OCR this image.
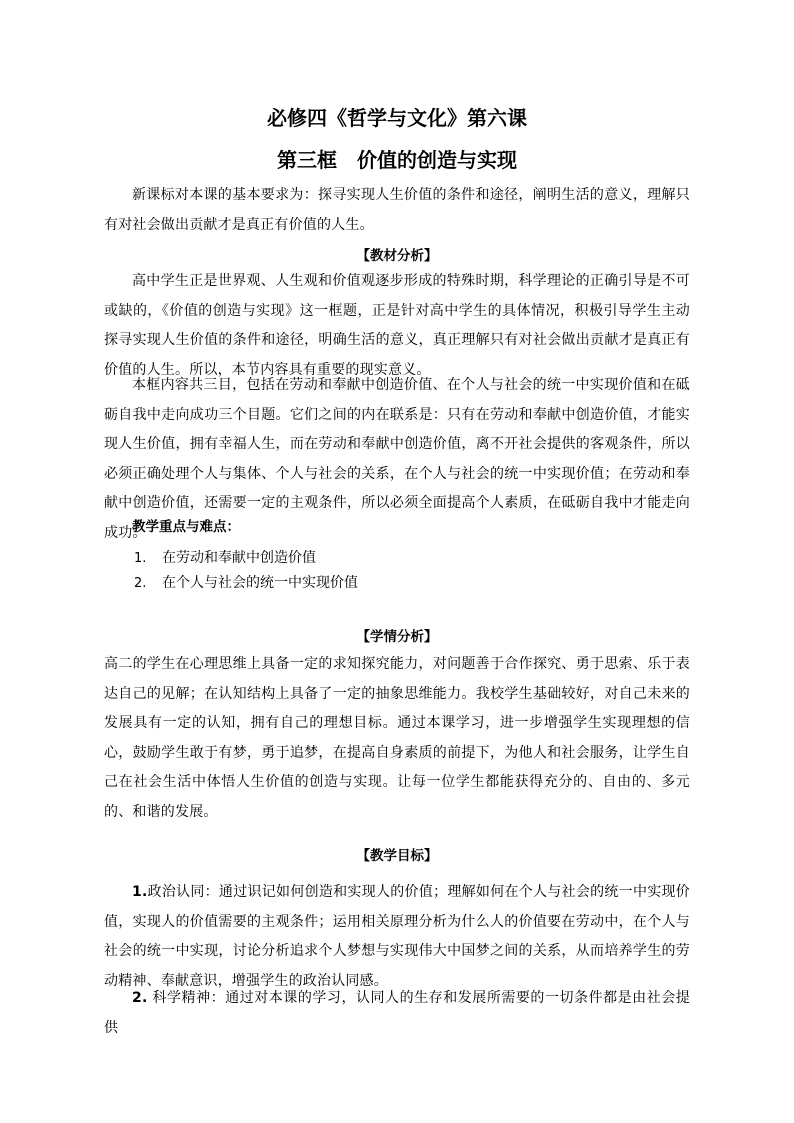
必修四《哲学与文化》第六课
第三框　价值的创造与实现

新课标对本课的基本要求为：探寻实现人生价值的条件和途径，阐明生活的意义，理解只有对社会做出贡献才是真正有价值的人生。

【教材分析】

高中学生正是世界观、人生观和价值观逐步形成的特殊时期，科学理论的正确引导是不可或缺的，《价值的创造与实现》这一框题，正是针对高中学生的具体情况，积极引导学生主动探寻实现人生价值的条件和途径，明确生活的意义，真正理解只有对社会做出贡献才是真正有价值的人生。所以，本节内容具有重要的现实意义。

本框内容共三目，包括在劳动和奉献中创造价值、在个人与社会的统一中实现价值和在砥砺自我中走向成功三个目题。它们之间的内在联系是：只有在劳动和奉献中创造价值，才能实现人生价值，拥有幸福人生，而在劳动和奉献中创造价值，离不开社会提供的客观条件，所以必须正确处理个人与集体、个人与社会的关系，在个人与社会的统一中实现价值；在劳动和奉献中创造价值，还需要一定的主观条件，所以必须全面提高个人素质，在砥砺自我中才能走向成功。

教学重点与难点：
1. 在劳动和奉献中创造价值
2. 在个人与社会的统一中实现价值
【学情分析】

高二的学生在心理思维上具备一定的求知探究能力，对问题善于合作探究、勇于思索、乐于表达自己的见解；在认知结构上具备了一定的抽象思维能力。我校学生基础较好，对自己未来的发展具有一定的认知，拥有自己的理想目标。通过本课学习，进一步增强学生实现理想的信心，鼓励学生敢于有梦，勇于追梦，在提高自身素质的前提下，为他人和社会服务，让学生自己在社会生活中体悟人生价值的创造与实现。让每一位学生都能获得充分的、自由的、多元的、和谐的发展。

【教学目标】

1.政治认同：通过识记如何创造和实现人的价值；理解如何在个人与社会的统一中实现价值，实现人的价值需要的主观条件；运用相关原理分析为什么人的价值要在劳动中，在个人与社会的统一中实现，讨论分析追求个人梦想与实现伟大中国梦之间的关系，从而培养学生的劳动精神、奉献意识，增强学生的政治认同感。

2. 科学精神：通过对本课的学习，认同人的生存和发展所需要的一切条件都是由社会提供
